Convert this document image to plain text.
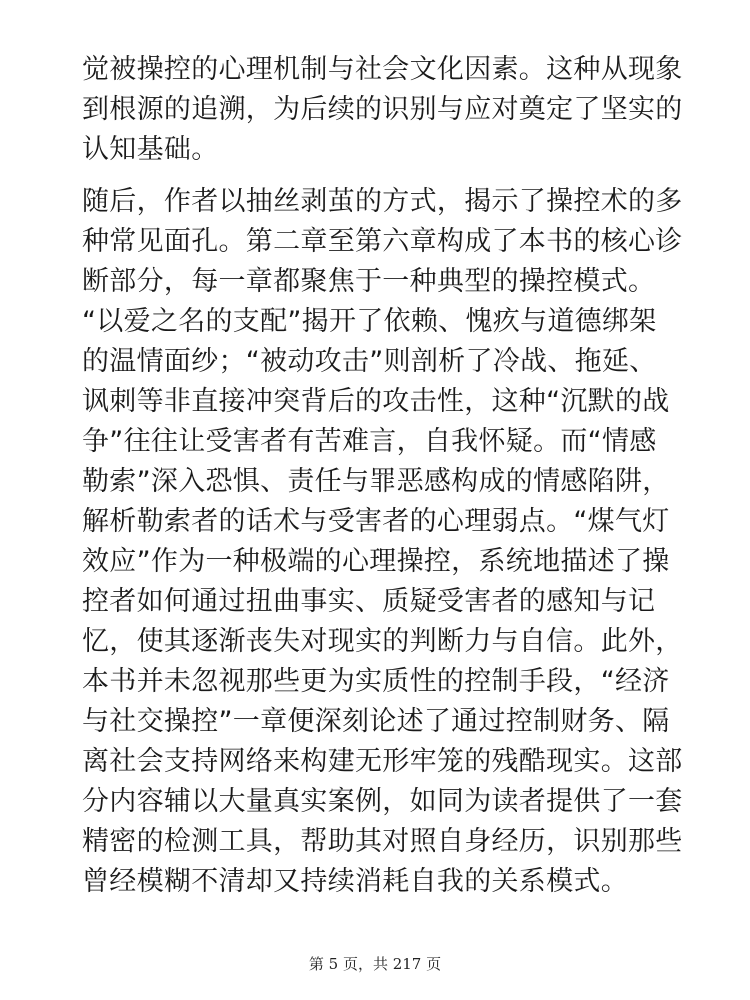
觉被操控的心理机制与社会文化因素。这种从现象
到根源的追溯，为后续的识别与应对奠定了坚实的
认知基础。
随后，作者以抽丝剥茧的方式，揭示了操控术的多
种常见面孔。第二章至第六章构成了本书的核心诊
断部分，每一章都聚焦于一种典型的操控模式。
“以爱之名的支配”揭开了依赖、愧疚与道德绑架
的温情面纱；“被动攻击”则剖析了冷战、拖延、
讽刺等非直接冲突背后的攻击性，这种“沉默的战
争”往往让受害者有苦难言，自我怀疑。而“情感
勒索”深入恐惧、责任与罪恶感构成的情感陷阱，
解析勒索者的话术与受害者的心理弱点。“煤气灯
效应”作为一种极端的心理操控，系统地描述了操
控者如何通过扭曲事实、质疑受害者的感知与记
忆，使其逐渐丧失对现实的判断力与自信。此外，
本书并未忽视那些更为实质性的控制手段，“经济
与社交操控”一章便深刻论述了通过控制财务、隔
离社会支持网络来构建无形牢笼的残酷现实。这部
分内容辅以大量真实案例，如同为读者提供了一套
精密的检测工具，帮助其对照自身经历，识别那些
曾经模糊不清却又持续消耗自我的关系模式。
第 5 页，共 217 页
